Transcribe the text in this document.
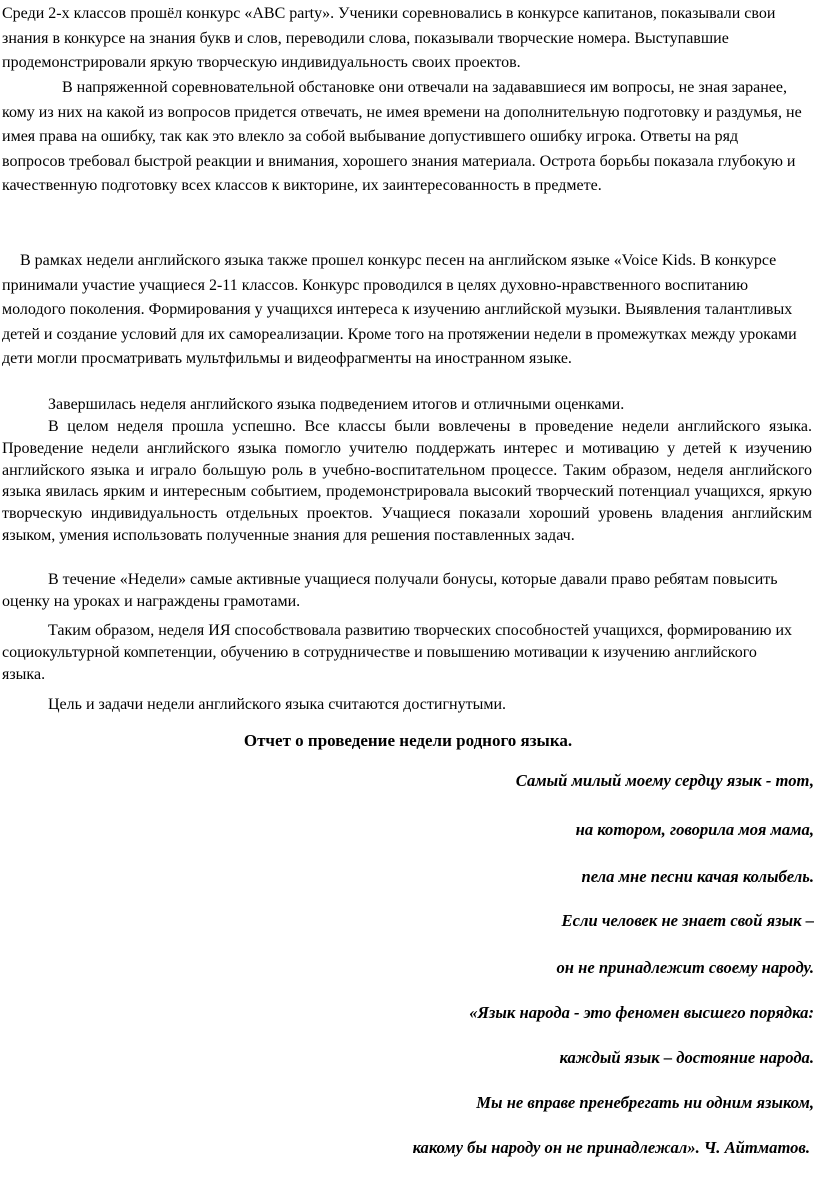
Среди 2-х классов прошёл конкурс «ABC party». Ученики соревновались в конкурсе капитанов, показывали свои знания в конкурсе на знания букв и слов, переводили слова, показывали творческие номера. Выступавшие продемонстрировали яркую творческую индивидуальность своих проектов.

В напряженной соревновательной обстановке они отвечали на задававшиеся им вопросы, не зная заранее, кому из них на какой из вопросов придется отвечать, не имея времени на дополнительную подготовку и раздумья, не имея права на ошибку, так как это влекло за собой выбывание допустившего ошибку игрока. Ответы на ряд вопросов требовал быстрой реакции и внимания, хорошего знания материала. Острота борьбы показала глубокую и качественную подготовку всех классов к викторине, их заинтересованность в предмете.

В рамках недели английского языка также прошел конкурс песен на английском языке «Voice Kids. В конкурсе принимали участие учащиеся 2-11 классов. Конкурс проводился в целях духовно-нравственного воспитанию молодого поколения. Формирования у учащихся интереса к изучению английской музыки. Выявления талантливых детей и создание условий для их самореализации. Кроме того на протяжении недели в промежутках между уроками дети могли просматривать мультфильмы и видеофрагменты на иностранном языке.

Завершилась неделя английского языка подведением итогов и отличными оценками.

В целом неделя прошла успешно. Все классы были вовлечены в проведение недели английского языка. Проведение недели английского языка помогло учителю поддержать интерес и мотивацию у детей к изучению английского языка и играло большую роль в учебно-воспитательном процессе. Таким образом, неделя английского языка явилась ярким и интересным событием, продемонстрировала высокий творческий потенциал учащихся, яркую творческую индивидуальность отдельных проектов. Учащиеся показали хороший уровень владения английским языком, умения использовать полученные знания для решения поставленных задач.

В течение «Недели» самые активные учащиеся получали бонусы, которые давали право ребятам повысить оценку на уроках и награждены грамотами.

Таким образом, неделя ИЯ способствовала развитию творческих способностей учащихся, формированию их социокультурной компетенции, обучению в сотрудничестве и повышению мотивации к изучению английского языка.

Цель и задачи недели английского языка считаются достигнутыми.

Отчет о проведение недели родного языка.

Самый милый моему сердцу язык - тот,

на котором, говорила моя мама,

пела мне песни качая колыбель.

Если человек не знает свой язык –

он не принадлежит своему народу.

«Язык народа - это феномен высшего порядка:

каждый язык – достояние народа.

Мы не вправе пренебрегать ни одним языком,

какому бы народу он не принадлежал». Ч. Айтматов.
